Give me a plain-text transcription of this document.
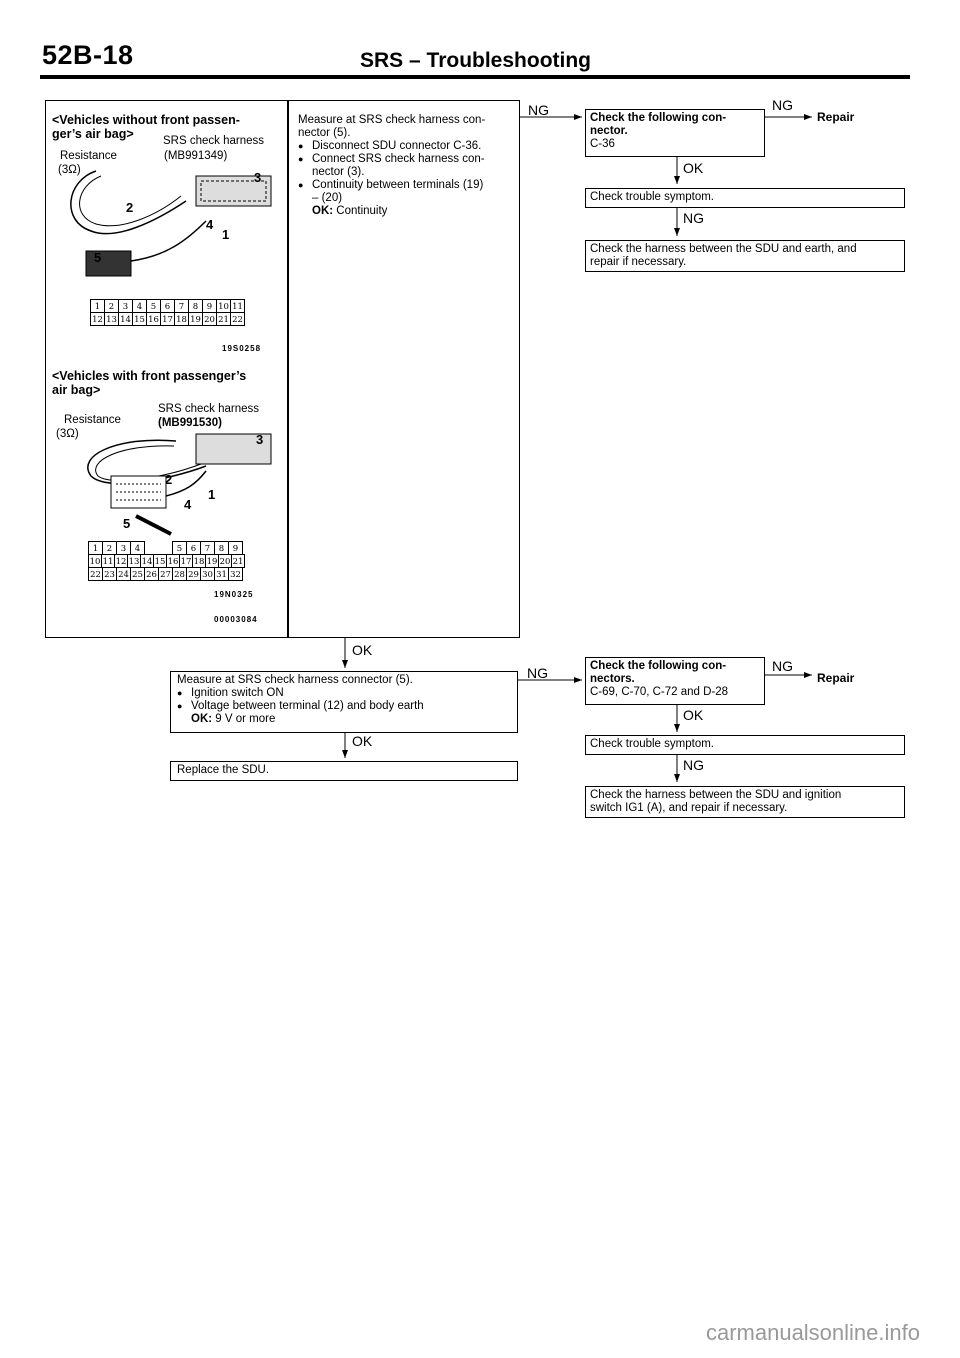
52B-18	SRS – Troubleshooting
<Vehicles without front passen-
ger’s air bag>	SRS check harness
Resistance	(MB991349)
(3Ω)	3
2
4
1
5
1	2	3	4	5	6	7	8	9 10 11
12 13 14 15 16 17 18 19 20 21 22
19S0258
<Vehicles with front passenger’s
air bag>
SRS check harness
Resistance	(MB991530)
(3Ω)	3
2
1
4
5
1	2	3	4	5	6	7	8	9
10 11 12 13 14 15 16 17 18 19 20 21
22 23 24 25 26 27 28 29 30 31 32
19N0325
00003084
Measure at SRS check harness con-
nector (5).
● Disconnect SDU connector C-36.
● Connect SRS check harness con-
nector (3).
● Continuity between terminals (19)
– (20)
OK: Continuity
NG	Check the following con-
nector.
C-36
NG
Repair
OK
Check trouble symptom.
NG
Check the harness between the SDU and earth, and
repair if necessary.
OK
Measure at SRS check harness connector (5).
● Ignition switch ON
● Voltage between terminal (12) and body earth
OK: 9 V or more
OK
Replace the SDU.
NG	Check the following con-
nectors.
C-69, C-70, C-72 and D-28
NG
Repair
OK
Check trouble symptom.
NG
Check the harness between the SDU and ignition
switch IG1 (A), and repair if necessary.
carmanualsonline.info
